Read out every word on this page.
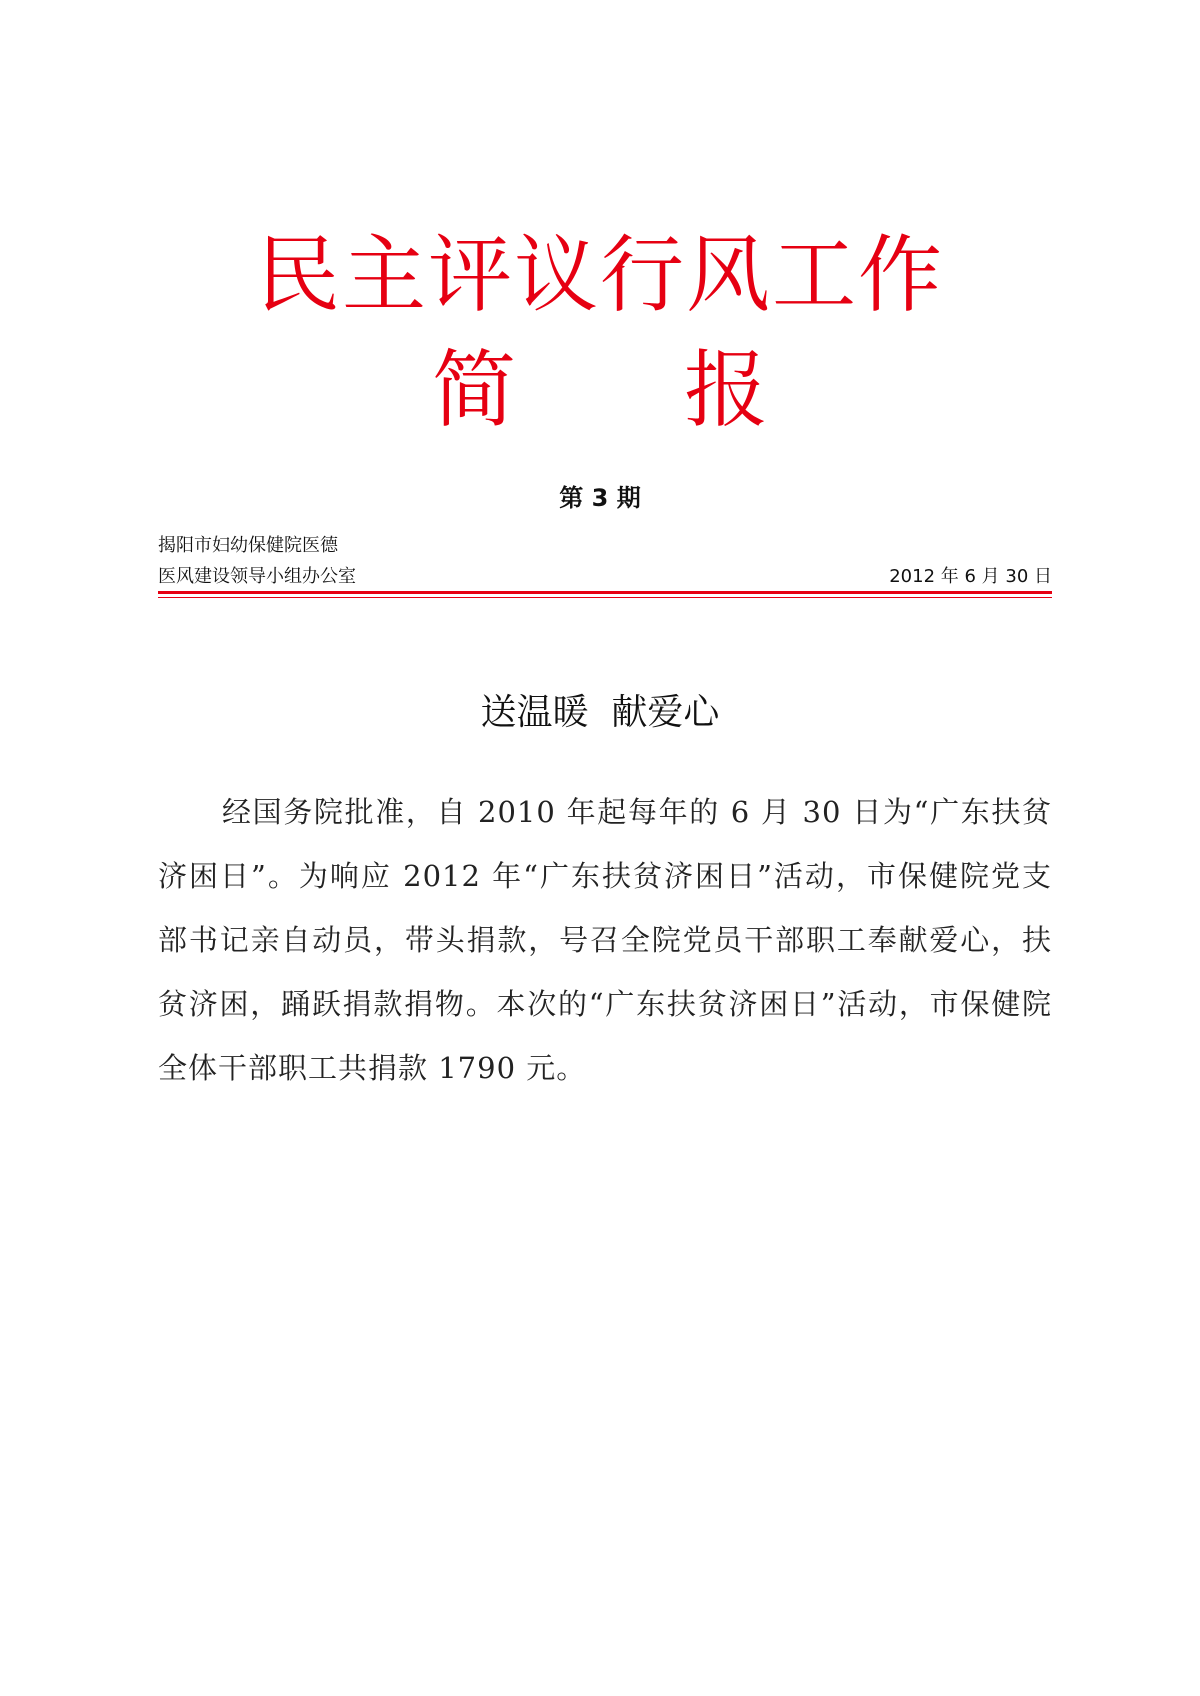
民主评议行风工作
简　　报
第 3 期
揭阳市妇幼保健院医德
医风建设领导小组办公室	2012 年 6 月 30 日
送温暖  献爱心
经国务院批准，自 2010 年起每年的 6 月 30 日为“广东扶贫济困日”。为响应 2012 年“广东扶贫济困日”活动，市保健院党支部书记亲自动员，带头捐款，号召全院党员干部职工奉献爱心，扶贫济困，踊跃捐款捐物。本次的“广东扶贫济困日”活动，市保健院全体干部职工共捐款 1790 元。
